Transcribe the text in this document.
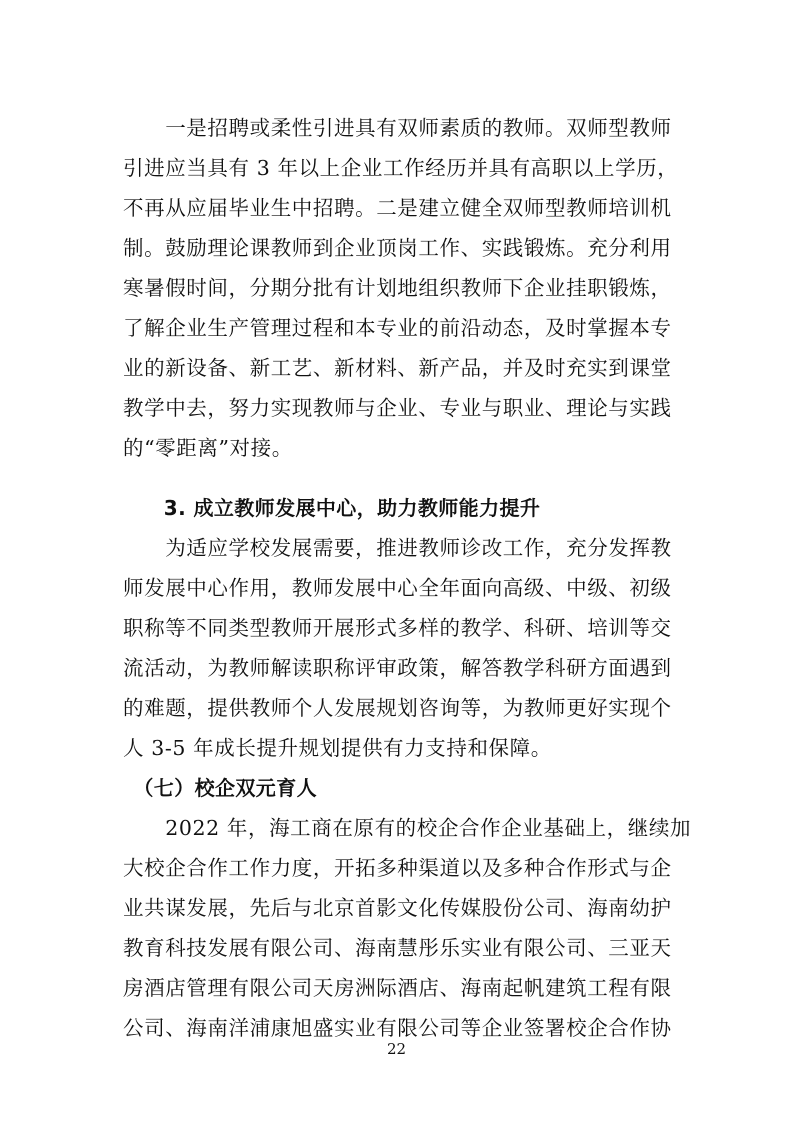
　　一是招聘或柔性引进具有双师素质的教师。双师型教师
引进应当具有 3 年以上企业工作经历并具有高职以上学历，
不再从应届毕业生中招聘。二是建立健全双师型教师培训机
制。鼓励理论课教师到企业顶岗工作、实践锻炼。充分利用
寒暑假时间，分期分批有计划地组织教师下企业挂职锻炼，
了解企业生产管理过程和本专业的前沿动态，及时掌握本专
业的新设备、新工艺、新材料、新产品，并及时充实到课堂
教学中去，努力实现教师与企业、专业与职业、理论与实践
的“零距离”对接。
　　3. 成立教师发展中心，助力教师能力提升
　　为适应学校发展需要，推进教师诊改工作，充分发挥教
师发展中心作用，教师发展中心全年面向高级、中级、初级
职称等不同类型教师开展形式多样的教学、科研、培训等交
流活动，为教师解读职称评审政策，解答教学科研方面遇到
的难题，提供教师个人发展规划咨询等，为教师更好实现个
人 3-5 年成长提升规划提供有力支持和保障。
　（七）校企双元育人
　　2022 年，海工商在原有的校企合作企业基础上，继续加
大校企合作工作力度，开拓多种渠道以及多种合作形式与企
业共谋发展，先后与北京首影文化传媒股份公司、海南幼护
教育科技发展有限公司、海南慧彤乐实业有限公司、三亚天
房酒店管理有限公司天房洲际酒店、海南起帆建筑工程有限
公司、海南洋浦康旭盛实业有限公司等企业签署校企合作协
22
